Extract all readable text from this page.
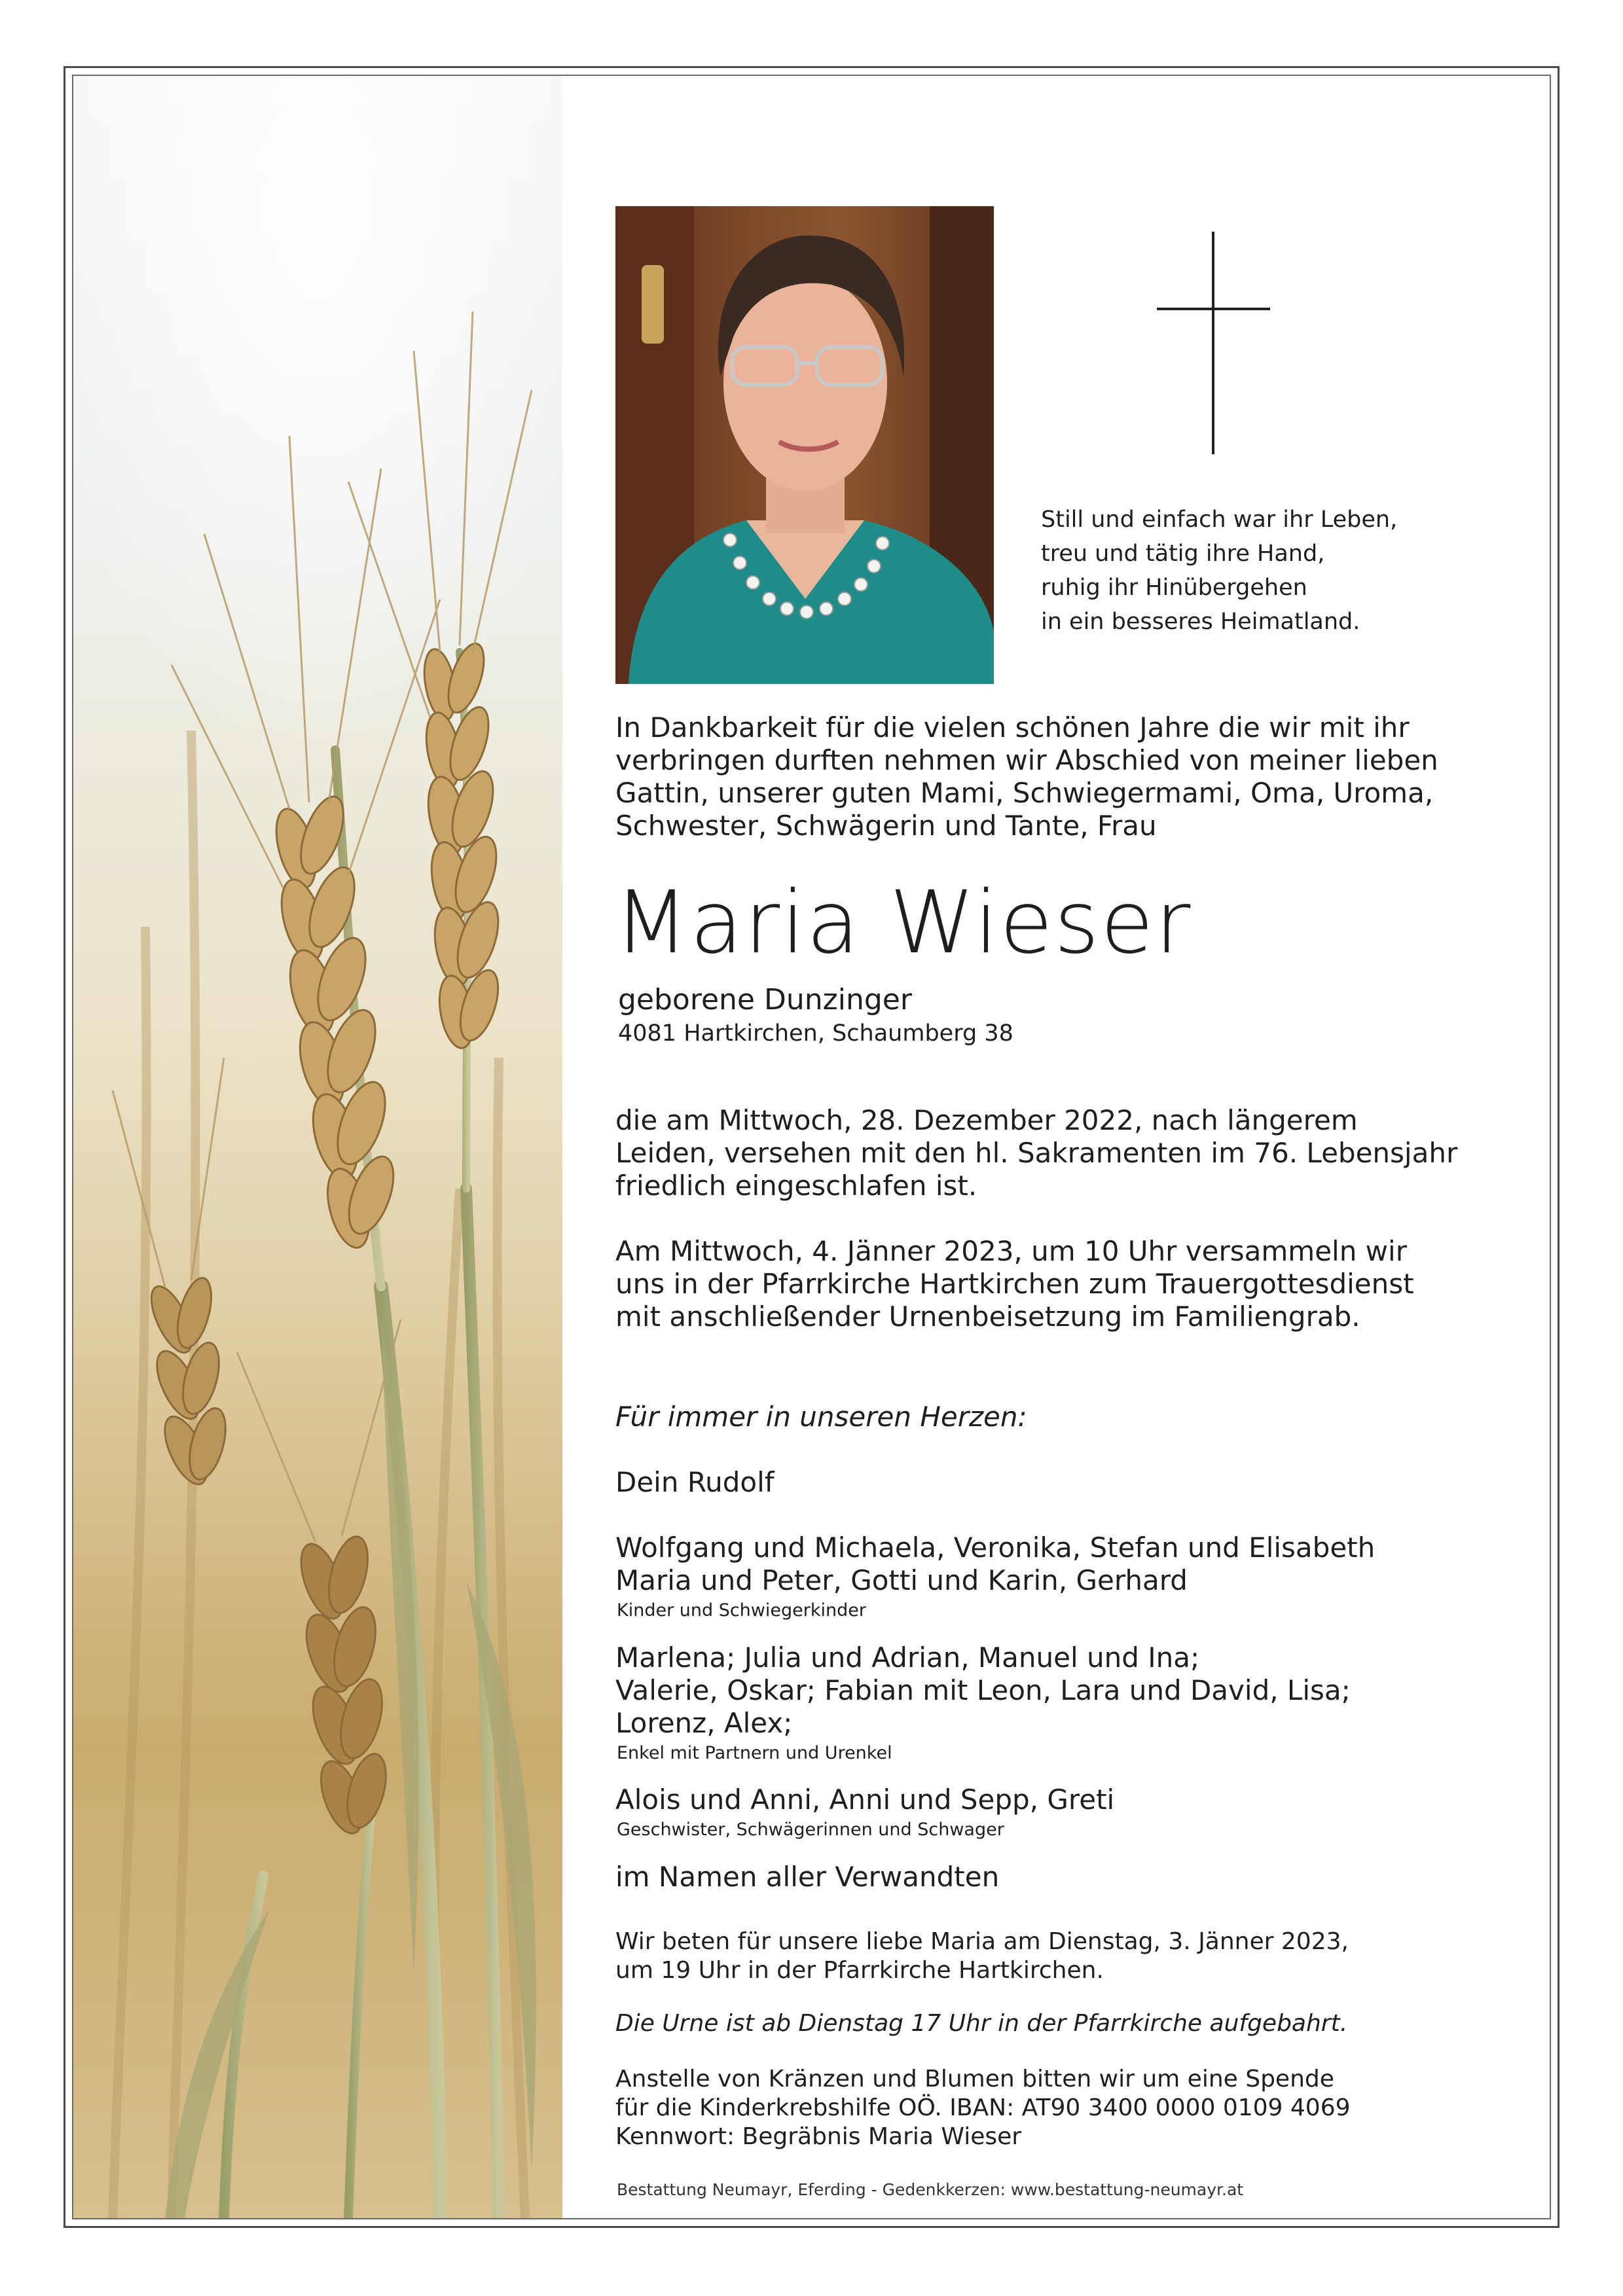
Still und einfach war ihr Leben,
treu und tätig ihre Hand,
ruhig ihr Hinübergehen
in ein besseres Heimatland.
In Dankbarkeit für die vielen schönen Jahre die wir mit ihr
verbringen durften nehmen wir Abschied von meiner lieben
Gattin, unserer guten Mami, Schwiegermami, Oma, Uroma,
Schwester, Schwägerin und Tante, Frau
Maria Wieser
geborene Dunzinger
4081 Hartkirchen, Schaumberg 38
die am Mittwoch, 28. Dezember 2022, nach längerem
Leiden, versehen mit den hl. Sakramenten im 76. Lebensjahr
friedlich eingeschlafen ist.
Am Mittwoch, 4. Jänner 2023, um 10 Uhr versammeln wir
uns in der Pfarrkirche Hartkirchen zum Trauergottesdienst
mit anschließender Urnenbeisetzung im Familiengrab.
Für immer in unseren Herzen:
Dein Rudolf
Wolfgang und Michaela, Veronika, Stefan und Elisabeth
Maria und Peter, Gotti und Karin, Gerhard
Kinder und Schwiegerkinder
Marlena; Julia und Adrian, Manuel und Ina;
Valerie, Oskar; Fabian mit Leon, Lara und David, Lisa;
Lorenz, Alex;
Enkel mit Partnern und Urenkel
Alois und Anni, Anni und Sepp, Greti
Geschwister, Schwägerinnen und Schwager
im Namen aller Verwandten
Wir beten für unsere liebe Maria am Dienstag, 3. Jänner 2023,
um 19 Uhr in der Pfarrkirche Hartkirchen.
Die Urne ist ab Dienstag 17 Uhr in der Pfarrkirche aufgebahrt.
Anstelle von Kränzen und Blumen bitten wir um eine Spende
für die Kinderkrebshilfe OÖ. IBAN: AT90 3400 0000 0109 4069
Kennwort: Begräbnis Maria Wieser
Bestattung Neumayr, Eferding - Gedenkkerzen: www.bestattung-neumayr.at
